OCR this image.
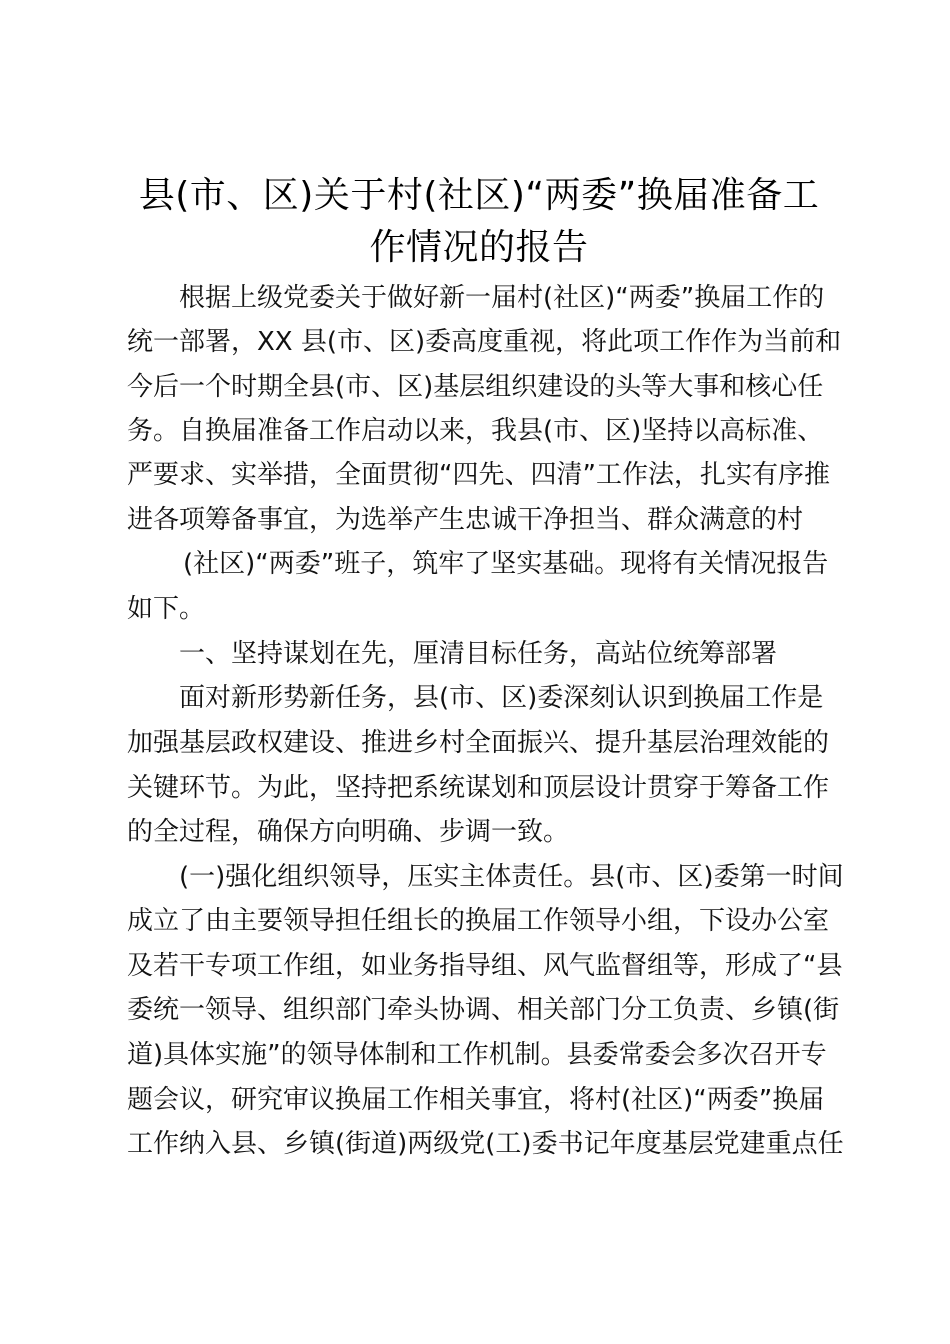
县(市、区)关于村(社区)“两委”换届准备工
作情况的报告
根据上级党委关于做好新一届村(社区)“两委”换届工作的
统一部署，XX 县(市、区)委高度重视，将此项工作作为当前和
今后一个时期全县(市、区)基层组织建设的头等大事和核心任
务。自换届准备工作启动以来，我县(市、区)坚持以高标准、
严要求、实举措，全面贯彻“四先、四清”工作法，扎实有序推
进各项筹备事宜，为选举产生忠诚干净担当、群众满意的村
(社区)“两委”班子，筑牢了坚实基础。现将有关情况报告
如下。
一、坚持谋划在先，厘清目标任务，高站位统筹部署
面对新形势新任务，县(市、区)委深刻认识到换届工作是
加强基层政权建设、推进乡村全面振兴、提升基层治理效能的
关键环节。为此，坚持把系统谋划和顶层设计贯穿于筹备工作
的全过程，确保方向明确、步调一致。
(一)强化组织领导，压实主体责任。县(市、区)委第一时间
成立了由主要领导担任组长的换届工作领导小组，下设办公室
及若干专项工作组，如业务指导组、风气监督组等，形成了“县
委统一领导、组织部门牵头协调、相关部门分工负责、乡镇(街
道)具体实施”的领导体制和工作机制。县委常委会多次召开专
题会议，研究审议换届工作相关事宜，将村(社区)“两委”换届
工作纳入县、乡镇(街道)两级党(工)委书记年度基层党建重点任
